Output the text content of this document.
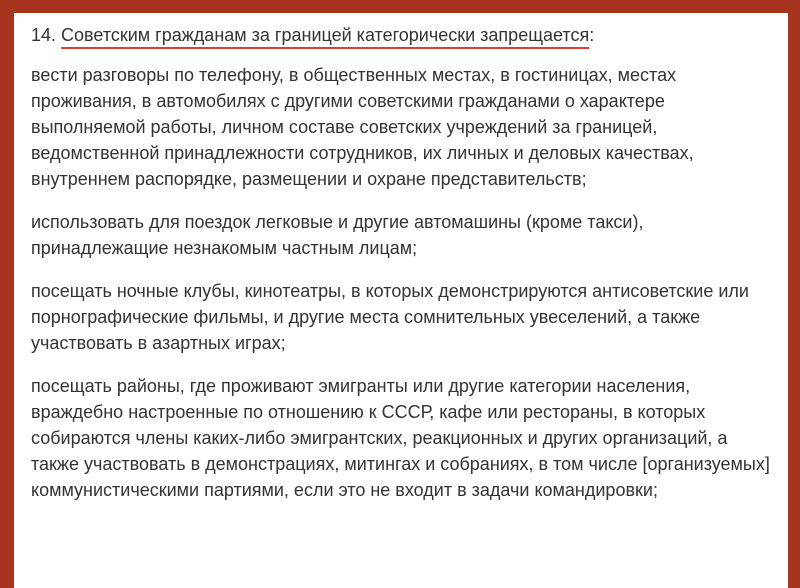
14. Советским гражданам за границей категорически запрещается:

вести разговоры по телефону, в общественных местах, в гостиницах, местах проживания, в автомобилях с другими советскими гражданами о характере выполняемой работы, личном составе советских учреждений за границей, ведомственной принадлежности сотрудников, их личных и деловых качествах, внутреннем распорядке, размещении и охране представительств;

использовать для поездок легковые и другие автомашины (кроме такси), принадлежащие незнакомым частным лицам;

посещать ночные клубы, кинотеатры, в которых демонстрируются антисоветские или порнографические фильмы, и другие места сомнительных увеселений, а также участвовать в азартных играх;

посещать районы, где проживают эмигранты или другие категории населения, враждебно настроенные по отношению к СССР, кафе или рестораны, в которых собираются члены каких-либо эмигрантских, реакционных и других организаций, а также участвовать в демонстрациях, митингах и собраниях, в том числе [организуемых] коммунистическими партиями, если это не входит в задачи командировки;
